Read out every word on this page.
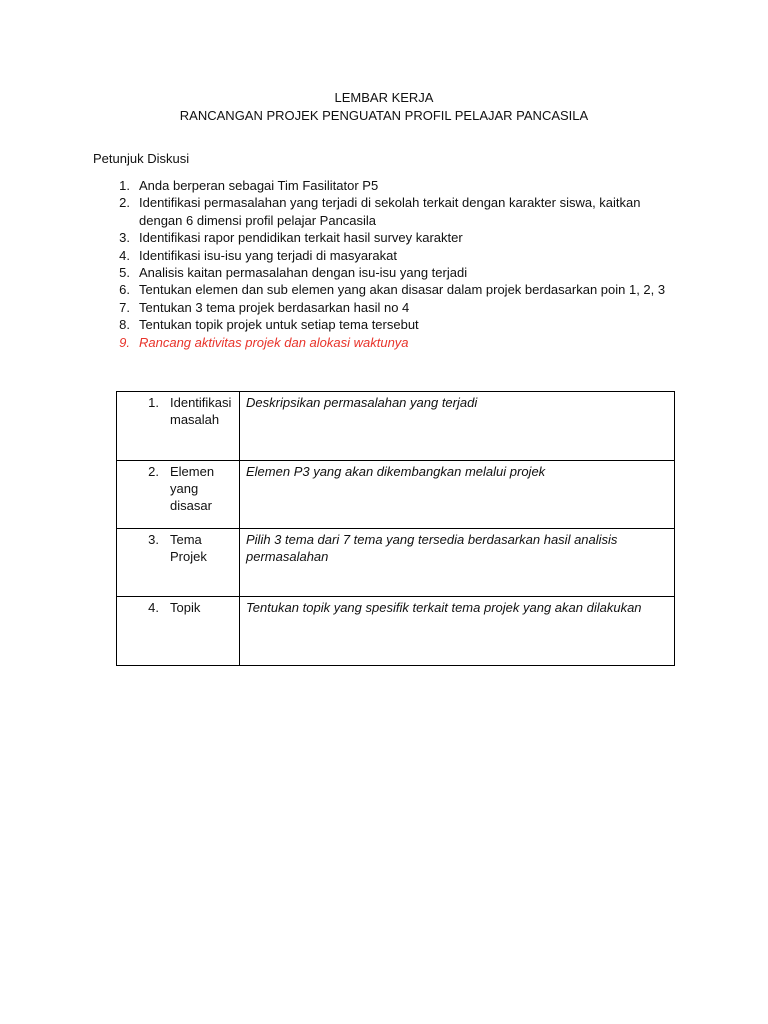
LEMBAR KERJA
RANCANGAN PROJEK PENGUATAN PROFIL PELAJAR PANCASILA
Petunjuk Diskusi
1. Anda berperan sebagai Tim Fasilitator P5
2. Identifikasi permasalahan yang terjadi di sekolah terkait dengan karakter siswa, kaitkan dengan 6 dimensi profil pelajar Pancasila
3. Identifikasi rapor pendidikan terkait hasil survey karakter
4. Identifikasi isu-isu yang terjadi di masyarakat
5. Analisis kaitan permasalahan dengan isu-isu yang terjadi
6. Tentukan elemen dan sub elemen yang akan disasar dalam projek berdasarkan poin 1, 2, 3
7. Tentukan 3 tema projek berdasarkan hasil no 4
8. Tentukan topik projek untuk setiap tema tersebut
9. Rancang aktivitas projek dan alokasi waktunya
1. Identifikasi masalah	Deskripsikan permasalahan yang terjadi

2. Elemen yang disasar	Elemen P3 yang akan dikembangkan melalui projek

3. Tema Projek	Pilih 3 tema dari 7 tema yang tersedia berdasarkan hasil analisis permasalahan

4. Topik	Tentukan topik yang spesifik terkait tema projek yang akan dilakukan
